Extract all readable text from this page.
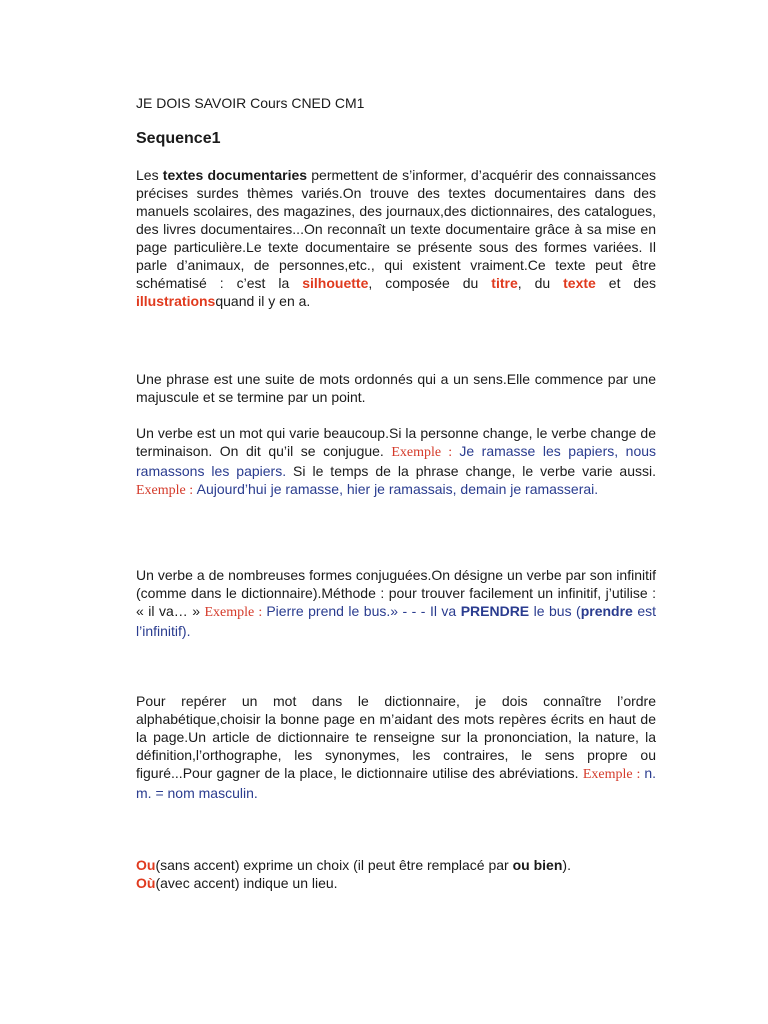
JE DOIS SAVOIR Cours CNED CM1
Sequence1
Les textes documentaries permettent de s’informer, d’acquérir des connaissances précises surdes thèmes variés.On trouve des textes documentaires dans des manuels scolaires, des magazines, des journaux,des dictionnaires, des catalogues, des livres documentaires...On reconnaît un texte documentaire grâce à sa mise en page particulière.Le texte documentaire se présente sous des formes variées. Il parle d’animaux, de personnes,etc., qui existent vraiment.Ce texte peut être schématisé : c’est la silhouette, composée du titre, du texte et des illustrationsquand il y en a.
Une phrase est une suite de mots ordonnés qui a un sens.Elle commence par une majuscule et se termine par un point.
Un verbe est un mot qui varie beaucoup.Si la personne change, le verbe change de terminaison. On dit qu’il se conjugue. Exemple : Je ramasse les papiers, nous ramassons les papiers. Si le temps de la phrase change, le verbe varie aussi. Exemple : Aujourd’hui je ramasse, hier je ramassais, demain je ramasserai.
Un verbe a de nombreuses formes conjuguées.On désigne un verbe par son infinitif (comme dans le dictionnaire).Méthode : pour trouver facilement un infinitif, j’utilise : « il va… » Exemple : Pierre prend le bus.» - - - Il va PRENDRE le bus (prendre est l’infinitif).
Pour repérer un mot dans le dictionnaire, je dois connaître l’ordre alphabétique,choisir la bonne page en m’aidant des mots repères écrits en haut de la page.Un article de dictionnaire te renseigne sur la prononciation, la nature, la définition,l’orthographe, les synonymes, les contraires, le sens propre ou figuré...Pour gagner de la place, le dictionnaire utilise des abréviations. Exemple : n. m. = nom masculin.
Ou(sans accent) exprime un choix (il peut être remplacé par ou bien).
Où(avec accent) indique un lieu.
